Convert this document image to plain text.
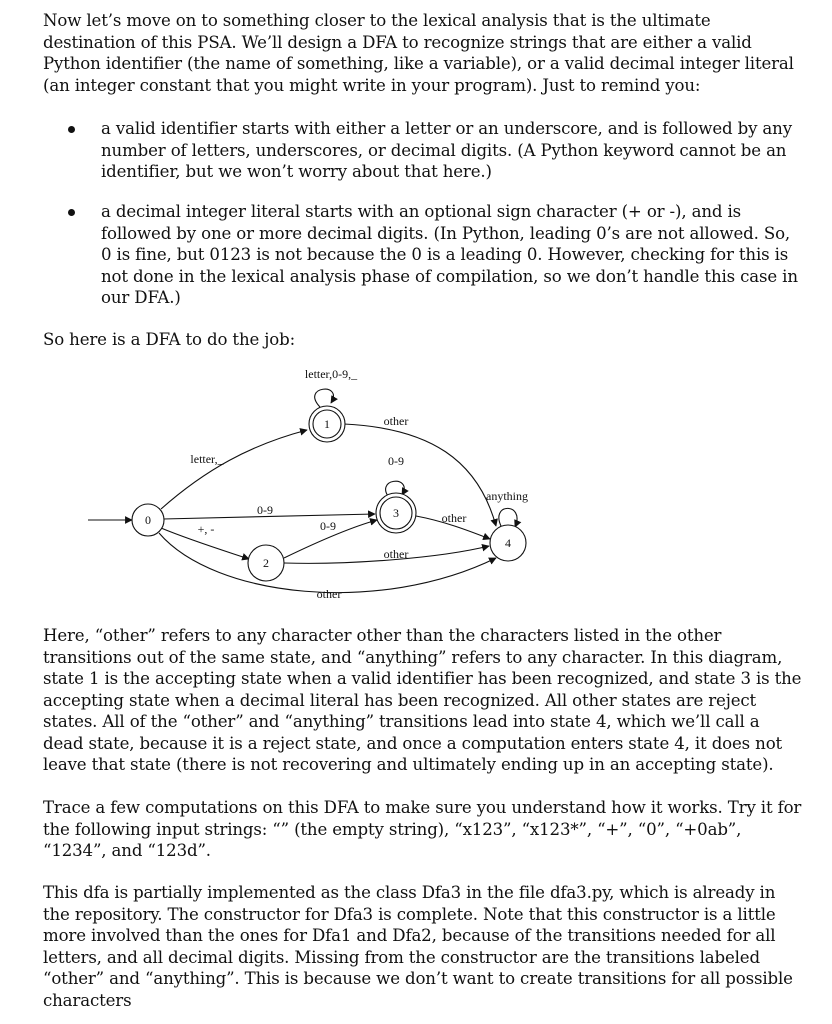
Now let’s move on to something closer to the lexical analysis that is the ultimate destination of this PSA. We’ll design a DFA to recognize strings that are either a valid Python identifier (the name of something, like a variable), or a valid decimal integer literal (an integer constant that you might write in your program). Just to remind you:

a valid identifier starts with either a letter or an underscore, and is followed by any number of letters, underscores, or decimal digits. (A Python keyword cannot be an identifier, but we won’t worry about that here.)
a decimal integer literal starts with an optional sign character (+ or -), and is followed by one or more decimal digits. (In Python, leading 0’s are not allowed. So, 0 is fine, but 0123 is not because the 0 is a leading 0. However, checking for this is not done in the lexical analysis phase of compilation, so we don’t handle this case in our DFA.)

So here is a DFA to do the job:

0
1
2
3
4
letter,0-9,_
letter,_
other
0-9
anything
0-9
+, -	0-9
other
other
other

Here, “other” refers to any character other than the characters listed in the other transitions out of the same state, and “anything” refers to any character. In this diagram, state 1 is the accepting state when a valid identifier has been recognized, and state 3 is the accepting state when a decimal literal has been recognized. All other states are reject states. All of the “other” and “anything” transitions lead into state 4, which we’ll call a dead state, because it is a reject state, and once a computation enters state 4, it does not leave that state (there is not recovering and ultimately ending up in an accepting state).

Trace a few computations on this DFA to make sure you understand how it works. Try it for the following input strings: “” (the empty string), “x123”, “x123*”, “+”, “0”, “+0ab”, “1234”, and “123d”.

This dfa is partially implemented as the class Dfa3 in the file dfa3.py, which is already in the repository. The constructor for Dfa3 is complete. Note that this constructor is a little more involved than the ones for Dfa1 and Dfa2, because of the transitions needed for all letters, and all decimal digits. Missing from the constructor are the transitions labeled “other” and “anything”. This is because we don’t want to create transitions for all possible characters
